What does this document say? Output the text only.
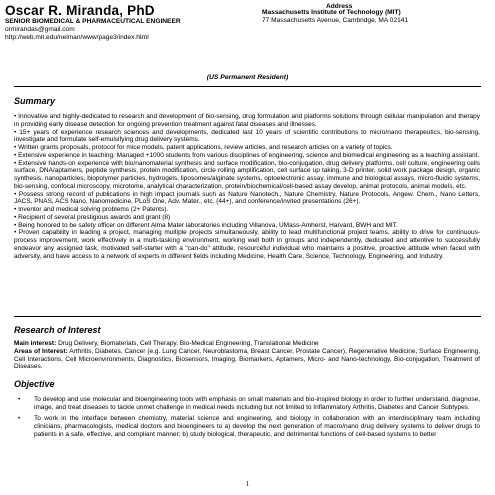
Oscar R. Miranda, PhD
SENIOR BIOMEDICAL & PHARMACEUTICAL ENGINEER
ormirandas@gmail.com
http://web.mit.edu/nelman/www/page3/index.html
Address
Massachusetts Institute of Technology (MIT)
77 Massachusetts Avenue, Cambridge, MA 02141
(US Permanent Resident)
Summary

• Innovative and highly-dedicated to research and development of bio-sensing, drug formulation and platforms solutions through cellular manipulation and therapy in providing early disease detection for ongoing prevention treatment against fatal diseases and illnesses.

• 15+ years of experience research sciences and developments, dedicated last 10 years of scientific contributions to micro/nano therapeutics, bio-sensing, investigate and formulate self-emulsifying drug delivery systems.

• Written grants proposals, protocol for mice models, patent applications, review articles, and research articles on a variety of topics.

• Extensive experience in teaching: Managed +1000 students from various disciplines of engineering, science and biomedical engineering as a teaching assistant.

• Extensive hands-on experience with bio/nanomaterial synthesis and surface modification, bio-conjugation, drug delivery platforms, cell culture, engineering cells surface, DNA/aptamers, peptide synthesis, protein modification, circle rolling amplification, cell surface up taking, 3-D printer, solid work package design, organic synthesis, nanoparticles, biopolymer particles, hydrogels, liposomes/alginate systems, optoelectronic assay, immune and biological assays, micro-fluidic systems, bio-sensing, confocal microscopy, microtome, analytical characterization, protein/biochemical/cell-based assay develop, animal protocols, animal models, etc.

• Possess strong record of publications in high impact journals such as Nature Nanotech., Nature Chemistry, Nature Protocols, Angew. Chem., Nano Letters, JACS, PNAS, ACS Nano, Nanomedicine, PLoS One, Adv. Mater., etc. (44+), and conference/invited presentations (26+).

• Inventor and medical solving problems (2+ Patents).

• Recipient of several prestigious awards and grant (8)

• Being honored to be safety officer on different Alma Mater laboratories including Villanova, UMass-Amherst, Harvard, BWH and MIT.

• Proven capability in leading a project, managing multiple projects simultaneously, ability to lead multifunctional project teams, ability to drive for continuous-process improvement, work effectively in a multi-tasking environment, working well both in groups and independently, dedicated and attentive to successfully endeavor any assigned task, motivated self-starter with a "can-do" attitude, resourceful individual who maintains a positive, proactive attitude when faced with adversity, and have access to a network of experts in different fields including Medicine, Health Care, Science, Technology, Engineering, and Industry.

Research of Interest

Main interest: Drug Delivery, Biomaterials, Cell Therapy, Bio-Medical Engineering, Translational Medicine

Areas of Interest: Arthritis, Diabetes, Cancer (e.g. Lung Cancer, Neuroblastoma, Breast Cancer, Prostate Cancer), Regenerative Medicine, Surface Engineering, Cell Interactions, Cell Microenvironments, Diagnostics, Biosensors, Imaging, Biomarkers, Aptamers, Micro- and Nano-technology, Bio-conjugation, Treatment of Diseases.

Objective
• To develop and use molecular and bioengineering tools with emphasis on small materials and bio-inspired biology in order to further understand, diagnose, image, and treat diseases to tackle unmet challenge in medical needs including but not limited to Inflammatory Arthritis, Diabetes and Cancer Subtypes.
• To work in the interface between chemistry, material science and engineering, and biology in collaboration with an interdisciplinary team including clinicians, pharmacologists, medical doctors and bioengineers to a) develop the next generation of macro/nano drug delivery systems to deliver drugs to patients in a safe, effective, and compliant manner; b) study biological, therapeutic, and detrimental functions of cell-based systems to better
1
